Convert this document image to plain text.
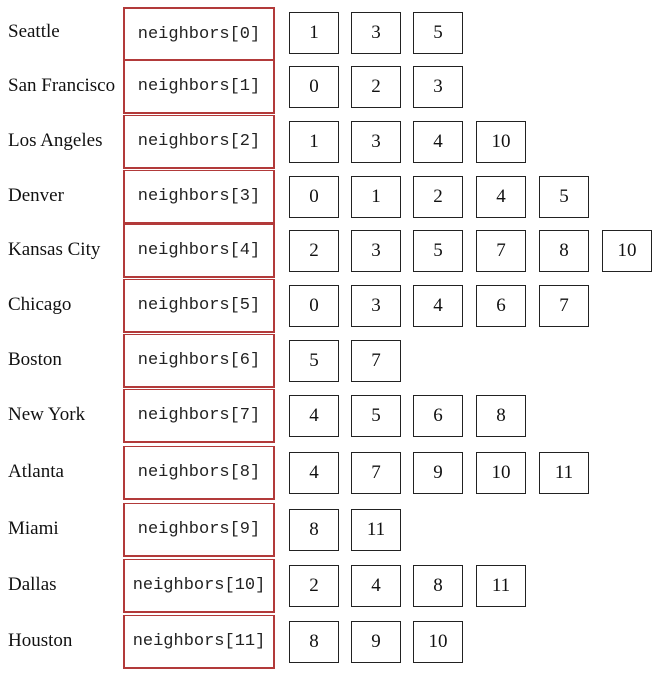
Seattle	neighbors[0]	1	3	5
San Francisco	neighbors[1]	0	2	3
Los Angeles	neighbors[2]	1	3	4	10
Denver	neighbors[3]	0	1	2	4	5
Kansas City	neighbors[4]	2	3	5	7	8	10
Chicago	neighbors[5]	0	3	4	6	7
Boston	neighbors[6]	5	7
New York	neighbors[7]	4	5	6	8
Atlanta	neighbors[8]	4	7	9	10	11
Miami	neighbors[9]	8	11
Dallas	neighbors[10]	2	4	8	11
Houston	neighbors[11]	8	9	10
